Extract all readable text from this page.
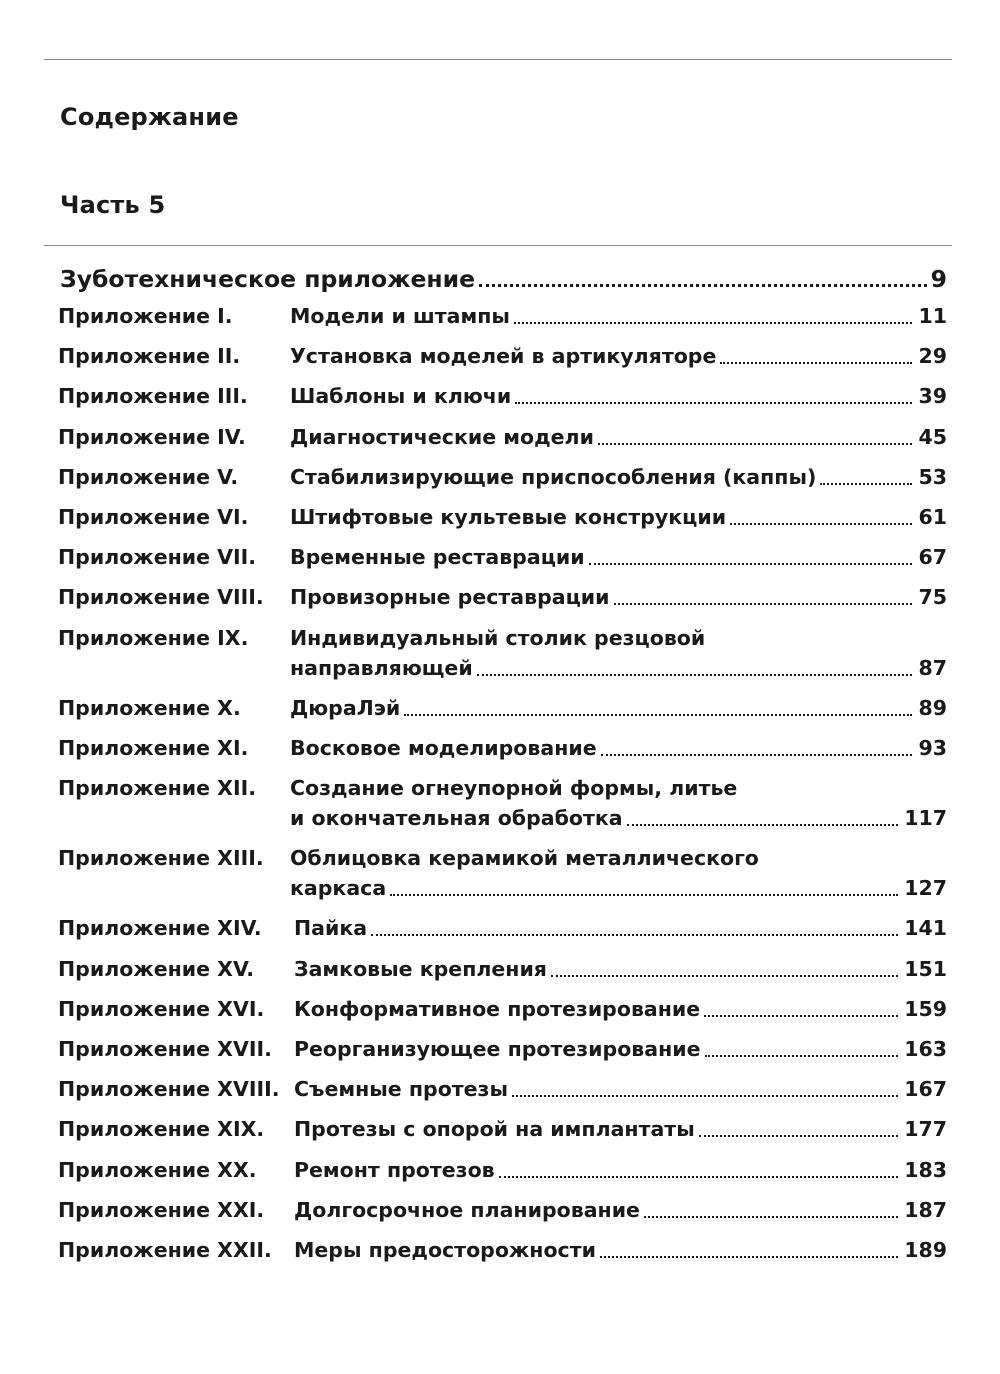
Содержание
Часть 5
Зуботехническое приложение	9
Приложение I.	Модели и штампы	11
Приложение II.	Установка моделей в артикуляторе	29
Приложение III.	Шаблоны и ключи	39
Приложение IV.	Диагностические модели	45
Приложение V.	Стабилизирующие приспособления (каппы)	53
Приложение VI.	Штифтовые культевые конструкции	61
Приложение VII.	Временные реставрации	67
Приложение VIII.	Провизорные реставрации	75
Приложение IX.	Индивидуальный столик резцовой
направляющей	87
Приложение X.	ДюраЛэй	89
Приложение XI.	Восковое моделирование	93
Приложение XII.	Создание огнеупорной формы, литье
и окончательная обработка	117
Приложение XIII.	Облицовка керамикой металлического
каркаса	127
Приложение XIV.	Пайка	141
Приложение XV.	Замковые крепления	151
Приложение XVI.	Конформативное протезирование	159
Приложение XVII.	Реорганизующее протезирование	163
Приложение XVIII. Съемные протезы	167
Приложение XIX.	Протезы с опорой на имплантаты	177
Приложение XX.	Ремонт протезов	183
Приложение XXI.	Долгосрочное планирование	187
Приложение XXII.	Меры предосторожности	189
